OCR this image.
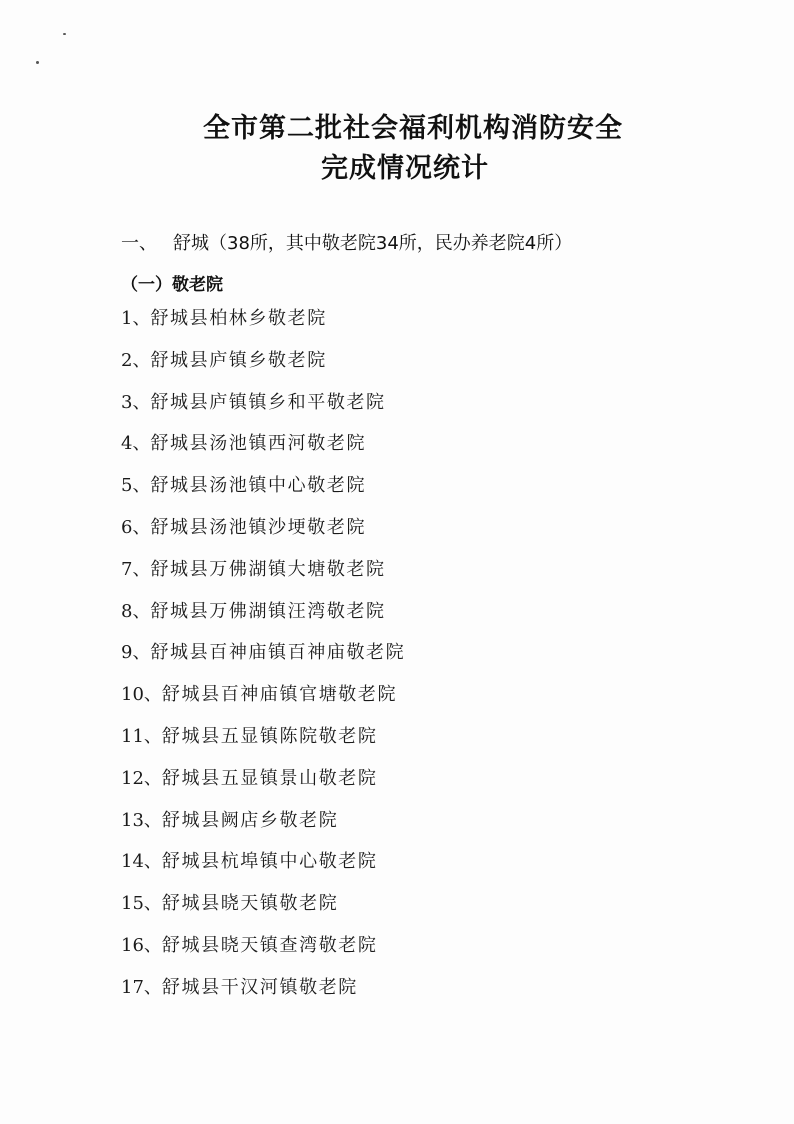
全市第二批社会福利机构消防安全
完成情况统计
一、 舒城（38所，其中敬老院34所，民办养老院4所）
（一）敬老院
1、舒城县柏林乡敬老院
2、舒城县庐镇乡敬老院
3、舒城县庐镇镇乡和平敬老院
4、舒城县汤池镇西河敬老院
5、舒城县汤池镇中心敬老院
6、舒城县汤池镇沙埂敬老院
7、舒城县万佛湖镇大塘敬老院
8、舒城县万佛湖镇汪湾敬老院
9、舒城县百神庙镇百神庙敬老院
10、舒城县百神庙镇官塘敬老院
11、舒城县五显镇陈院敬老院
12、舒城县五显镇景山敬老院
13、舒城县阙店乡敬老院
14、舒城县杭埠镇中心敬老院
15、舒城县晓天镇敬老院
16、舒城县晓天镇查湾敬老院
17、舒城县干汉河镇敬老院
